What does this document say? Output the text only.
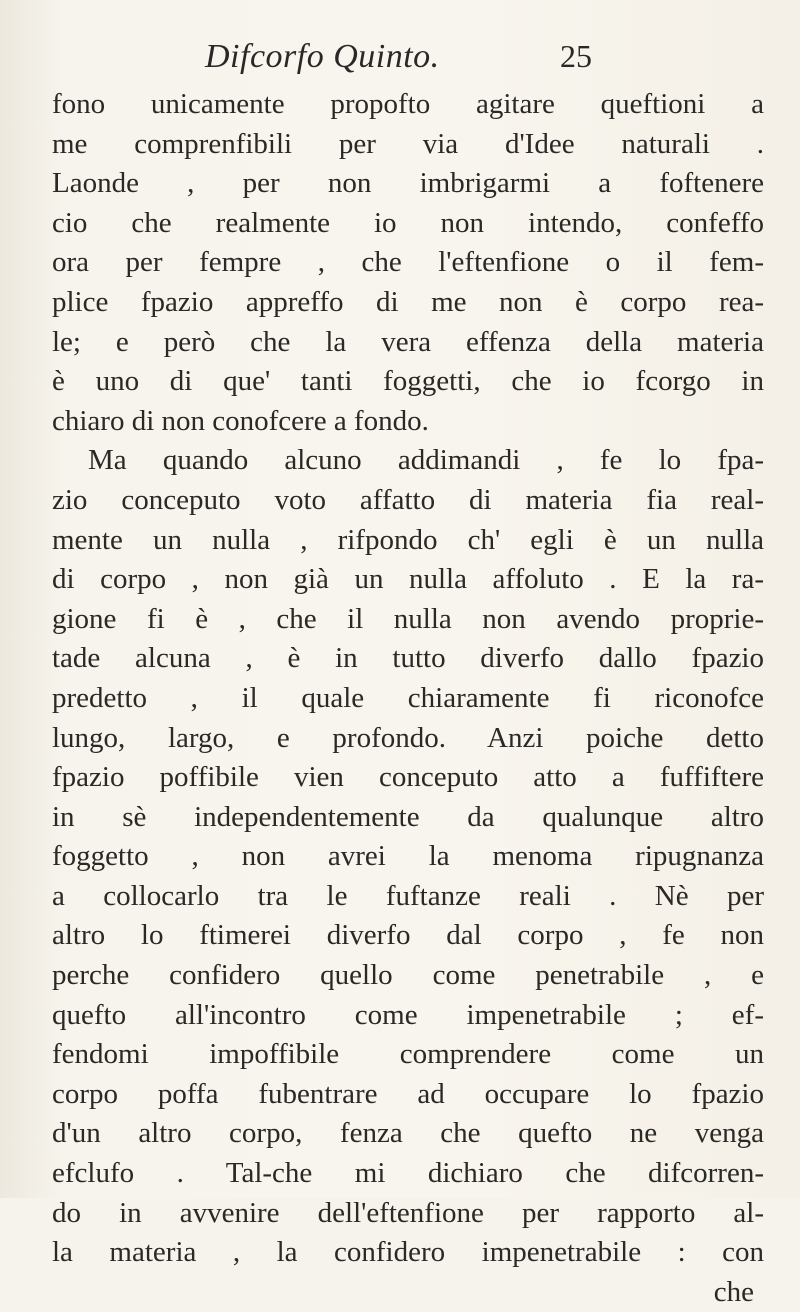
Difcorfo Quinto.	25
fono unicamente propofto agitare queftioni a
me comprenfibili per via d'Idee naturali .
Laonde , per non imbrigarmi a foftenere
cio che realmente io non intendo, confeffo
ora per fempre , che l'eftenfione o il fem-
plice fpazio appreffo di me non è corpo rea-
le; e però che la vera effenza della materia
è uno di que' tanti foggetti, che io fcorgo in
chiaro di non conofcere a fondo.
Ma quando alcuno addimandi , fe lo fpa-
zio conceputo voto affatto di materia fia real-
mente un nulla , rifpondo ch' egli è un nulla
di corpo , non già un nulla affoluto . E la ra-
gione fi è , che il nulla non avendo proprie-
tade alcuna , è in tutto diverfo dallo fpazio
predetto , il quale chiaramente fi riconofce
lungo, largo, e profondo. Anzi poiche detto
fpazio poffibile vien conceputo atto a fuffiftere
in sè independentemente da qualunque altro
foggetto , non avrei la menoma ripugnanza
a collocarlo tra le fuftanze reali . Nè per
altro lo ftimerei diverfo dal corpo , fe non
perche confidero quello come penetrabile , e
quefto all'incontro come impenetrabile ; ef-
fendomi impoffibile comprendere come un
corpo poffa fubentrare ad occupare lo fpazio
d'un altro corpo, fenza che quefto ne venga
efclufo . Tal-che mi dichiaro che difcorren-
do in avvenire dell'eftenfione per rapporto al-
la materia , la confidero impenetrabile : con
che
